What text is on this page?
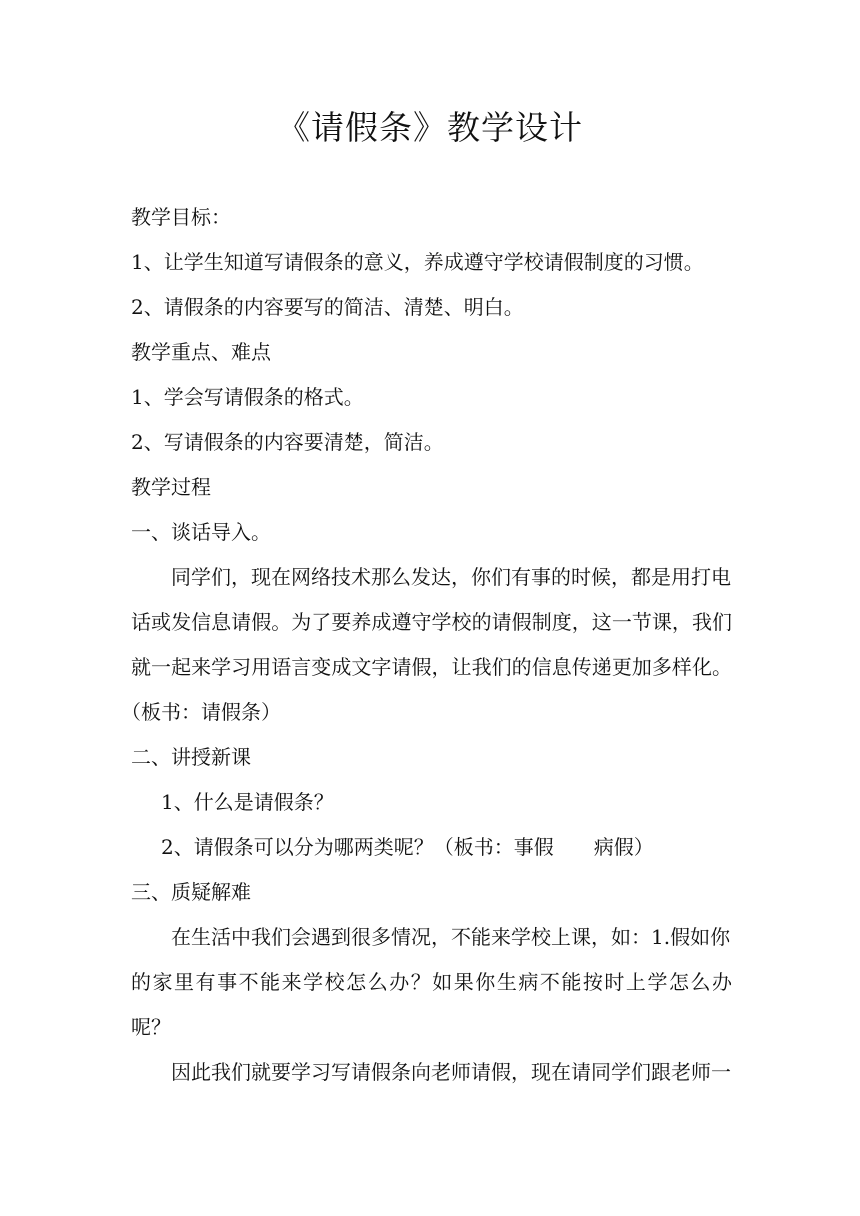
《请假条》教学设计
教学目标：
1、让学生知道写请假条的意义，养成遵守学校请假制度的习惯。
2、请假条的内容要写的简洁、清楚、明白。
教学重点、难点
1、学会写请假条的格式。
2、写请假条的内容要清楚，简洁。
教学过程
一、谈话导入。
同学们，现在网络技术那么发达，你们有事的时候，都是用打电
话或发信息请假。为了要养成遵守学校的请假制度，这一节课，我们
就一起来学习用语言变成文字请假，让我们的信息传递更加多样化。
（板书：请假条）
二、讲授新课
1、什么是请假条？
2、请假条可以分为哪两类呢？（板书：事假　　病假）
三、质疑解难
在生活中我们会遇到很多情况，不能来学校上课，如：1.假如你
的家里有事不能来学校怎么办？如果你生病不能按时上学怎么办
呢？
因此我们就要学习写请假条向老师请假，现在请同学们跟老师一
